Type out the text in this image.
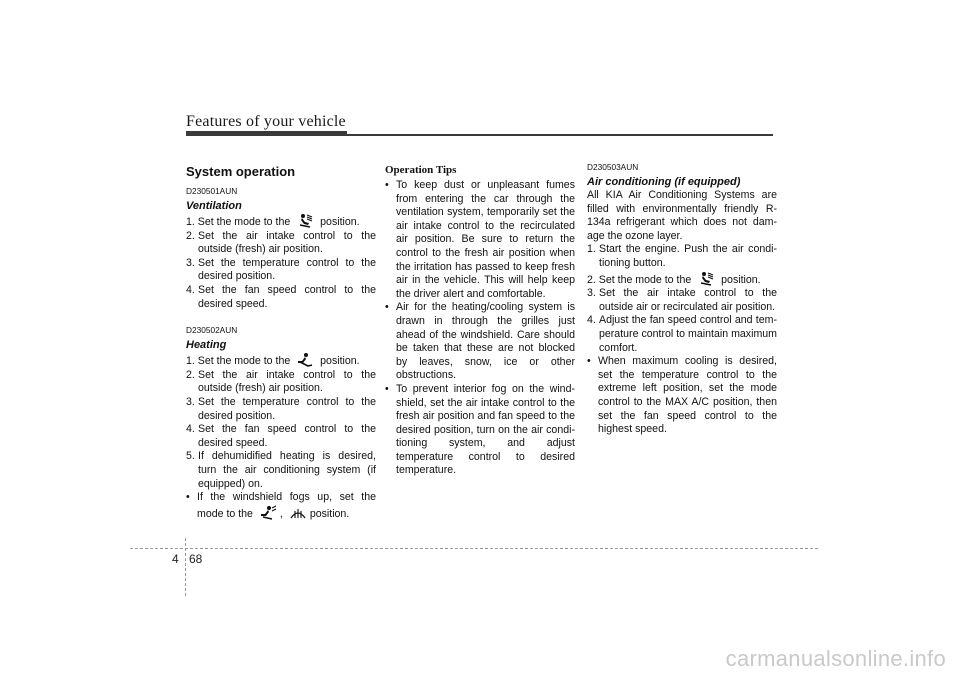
Features of your vehicle
System operation
D230501AUN
Ventilation
1. Set the mode to the	position.
2. Set the air intake control to the outside (fresh) air position.
3. Set the temperature control to the desired position.
4. Set the fan speed control to the desired speed.
D230502AUN
Heating
1. Set the mode to the	position.
2. Set the air intake control to the outside (fresh) air position.
3. Set the temperature control to the desired position.
4. Set the fan speed control to the desired speed.
5. If dehumidified heating is desired, turn the air conditioning system (if equipped) on.
• If the windshield fogs up, set the mode to the	,	position.
Operation Tips
• To keep dust or unpleasant fumes from entering the car through the ventilation system, temporarily set the air intake control to the recirculated air position. Be sure to return the control to the fresh air position when the irritation has passed to keep fresh air in the vehicle. This will help keep the driver alert and comfortable.
• Air for the heating/cooling system is drawn in through the grilles just ahead of the windshield. Care should be taken that these are not blocked by leaves, snow, ice or other obstructions.
• To prevent interior fog on the wind-shield, set the air intake control to the fresh air position and fan speed to the desired position, turn on the air condi-tioning system, and adjust temperature control to desired temperature.
D230503AUN
Air conditioning (if equipped)
All KIA Air Conditioning Systems are filled with environmentally friendly R-134a refrigerant which does not dam-age the ozone layer.
1. Start the engine. Push the air condi-tioning button.
2. Set the mode to the	position.
3. Set the air intake control to the outside air or recirculated air position.
4. Adjust the fan speed control and tem-perature control to maintain maximum comfort.
• When maximum cooling is desired, set the temperature control to the extreme left position, set the mode control to the MAX A/C position, then set the fan speed control to the highest speed.
4 68
carmanualsonline.info
